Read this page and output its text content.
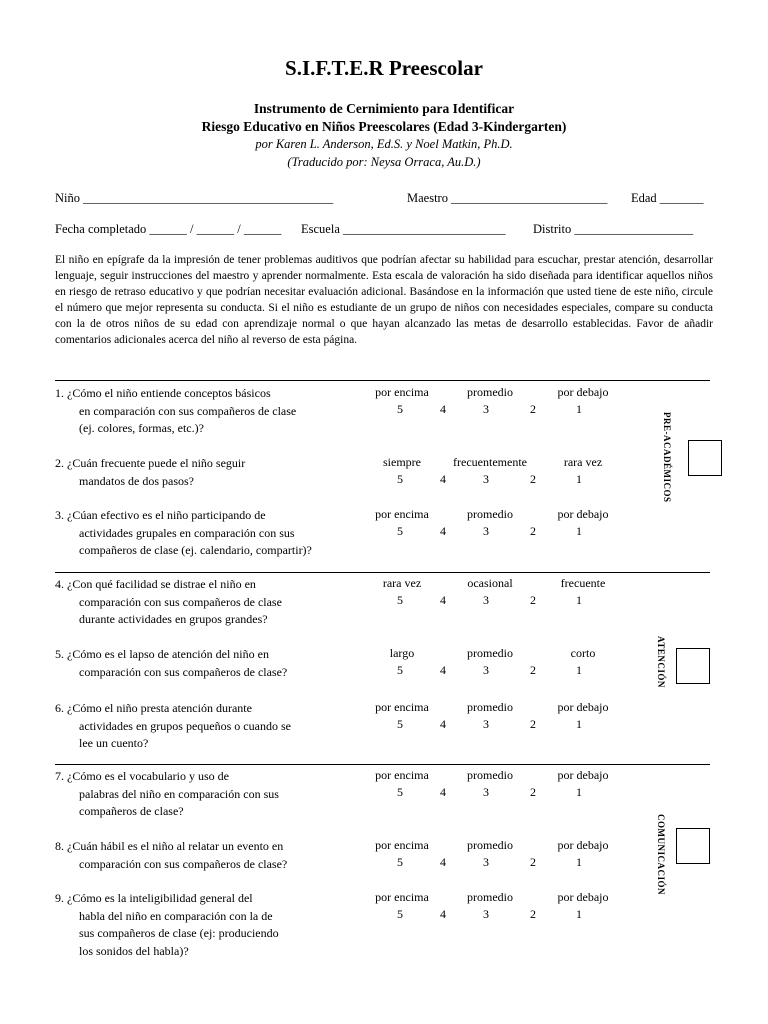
S.I.F.T.E.R Preescolar
Instrumento de Cernimiento para Identificar
Riesgo Educativo en Niños Preescolares (Edad 3-Kindergarten)
por Karen L. Anderson, Ed.S. y Noel Matkin, Ph.D.
(Traducido por: Neysa Orraca, Au.D.)
Niño ________________________________________	Maestro _________________________ Edad _______
Fecha completado ______ / ______ / ______ Escuela __________________________ Distrito ___________________
El niño en epígrafe da la impresión de tener problemas auditivos que podrían afectar su habilidad para escuchar, prestar atención, desarrollar lenguaje, seguir instrucciones del maestro y aprender normalmente. Esta escala de valoración ha sido diseñada para identificar aquellos niños en riesgo de retraso educativo y que podrían necesitar evaluación adicional. Basándose en la información que usted tiene de este niño, circule el número que mejor representa su conducta. Si el niño es estudiante de un grupo de niños con necesidades especiales, compare su conducta con la de otros niños de su edad con aprendizaje normal o que hayan alcanzado las metas de desarrollo establecidas. Favor de añadir comentarios adicionales acerca del niño al reverso de esta página.
PRE-ACADÉMICOS
1. ¿Cómo el niño entiende conceptos básicos
en comparación con sus compañeros de clase
(ej. colores, formas, etc.)?
por encima	promedio	por debajo
5	4	3	2	1
2. ¿Cuán frecuente puede el niño seguir
mandatos de dos pasos?
siempre	frecuentemente	rara vez
5	4	3	2	1
3. ¿Cúan efectivo es el niño participando de
actividades grupales en comparación con sus
compañeros de clase (ej. calendario, compartir)?
por encima	promedio	por debajo
5	4	3	2	1
ATENCIÓN
4. ¿Con qué facilidad se distrae el niño en
comparación con sus compañeros de clase
durante actividades en grupos grandes?
rara vez	ocasional	frecuente
5	4	3	2	1
5. ¿Cómo es el lapso de atención del niño en
comparación con sus compañeros de clase?
largo	promedio	corto
5	4	3	2	1
6. ¿Cómo el niño presta atención durante
actividades en grupos pequeños o cuando se
lee un cuento?
por encima	promedio	por debajo
5	4	3	2	1
COMUNICACIÓN
7. ¿Cómo es el vocabulario y uso de
palabras del niño en comparación con sus
compañeros de clase?
por encima	promedio	por debajo
5	4	3	2	1
8. ¿Cuán hábil es el niño al relatar un evento en
comparación con sus compañeros de clase?
por encima	promedio	por debajo
5	4	3	2	1
9. ¿Cómo es la inteligibilidad general del
habla del niño en comparación con la de
sus compañeros de clase (ej: produciendo
los sonidos del habla)?
por encima	promedio	por debajo
5	4	3	2	1
